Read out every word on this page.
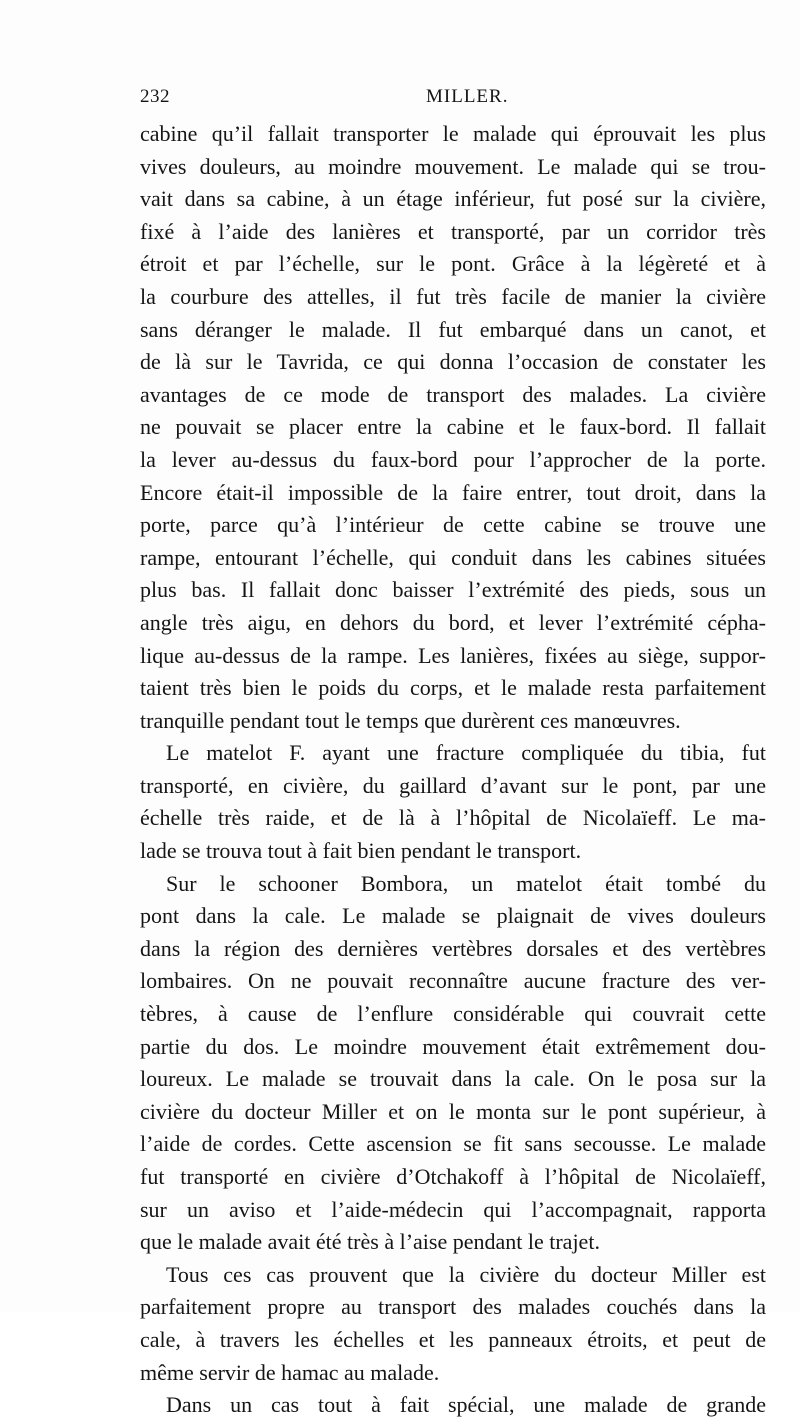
232	MILLER.
cabine qu’il fallait transporter le malade qui éprouvait les plus
vives douleurs, au moindre mouvement. Le malade qui se trou-
vait dans sa cabine, à un étage inférieur, fut posé sur la civière,
fixé à l’aide des lanières et transporté, par un corridor très
étroit et par l’échelle, sur le pont. Grâce à la légèreté et à
la courbure des attelles, il fut très facile de manier la civière
sans déranger le malade. Il fut embarqué dans un canot, et
de là sur le Tavrida, ce qui donna l’occasion de constater les
avantages de ce mode de transport des malades. La civière
ne pouvait se placer entre la cabine et le faux-bord. Il fallait
la lever au-dessus du faux-bord pour l’approcher de la porte.
Encore était-il impossible de la faire entrer, tout droit, dans la
porte, parce qu’à l’intérieur de cette cabine se trouve une
rampe, entourant l’échelle, qui conduit dans les cabines situées
plus bas. Il fallait donc baisser l’extrémité des pieds, sous un
angle très aigu, en dehors du bord, et lever l’extrémité cépha-
lique au-dessus de la rampe. Les lanières, fixées au siège, suppor-
taient très bien le poids du corps, et le malade resta parfaitement
tranquille pendant tout le temps que durèrent ces manœuvres.
Le matelot F. ayant une fracture compliquée du tibia, fut
transporté, en civière, du gaillard d’avant sur le pont, par une
échelle très raide, et de là à l’hôpital de Nicolaïeff. Le ma-
lade se trouva tout à fait bien pendant le transport.
Sur le schooner Bombora, un matelot était tombé du
pont dans la cale. Le malade se plaignait de vives douleurs
dans la région des dernières vertèbres dorsales et des vertèbres
lombaires. On ne pouvait reconnaître aucune fracture des ver-
tèbres, à cause de l’enflure considérable qui couvrait cette
partie du dos. Le moindre mouvement était extrêmement dou-
loureux. Le malade se trouvait dans la cale. On le posa sur la
civière du docteur Miller et on le monta sur le pont supérieur, à
l’aide de cordes. Cette ascension se fit sans secousse. Le malade
fut transporté en civière d’Otchakoff à l’hôpital de Nicolaïeff,
sur un aviso et l’aide-médecin qui l’accompagnait, rapporta
que le malade avait été très à l’aise pendant le trajet.
Tous ces cas prouvent que la civière du docteur Miller est
parfaitement propre au transport des malades couchés dans la
cale, à travers les échelles et les panneaux étroits, et peut de
même servir de hamac au malade.
Dans un cas tout à fait spécial, une malade de grande
